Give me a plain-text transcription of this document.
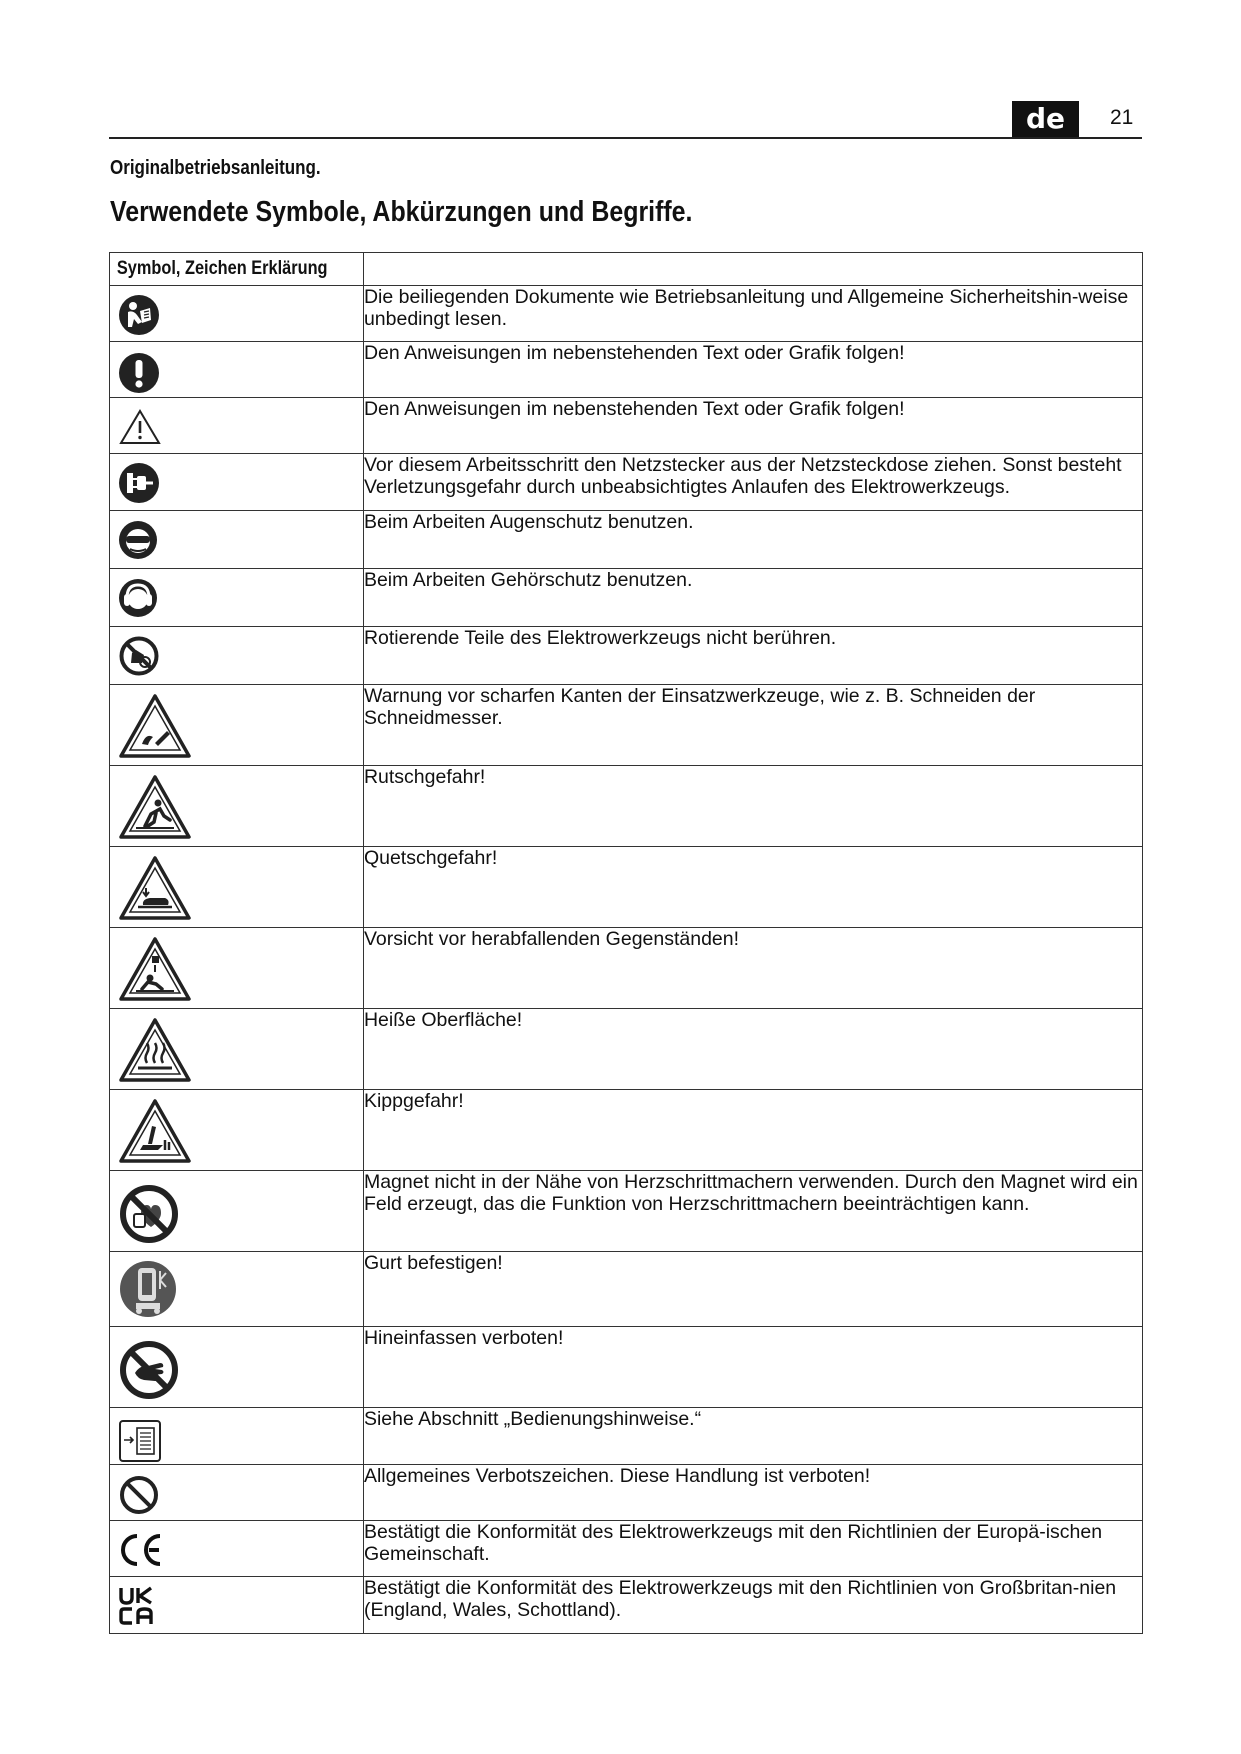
de	21
Originalbetriebsanleitung.
Verwendete Symbole, Abkürzungen und Begriffe.
Symbol, Zeichen Erklärung	

	Die beiliegenden Dokumente wie Betriebsanleitung und Allgemeine Sicherheitshin-weise unbedingt lesen.

	Den Anweisungen im nebenstehenden Text oder Grafik folgen!

	Den Anweisungen im nebenstehenden Text oder Grafik folgen!

	Vor diesem Arbeitsschritt den Netzstecker aus der Netzsteckdose ziehen. Sonst besteht Verletzungsgefahr durch unbeabsichtigtes Anlaufen des Elektrowerkzeugs.

	Beim Arbeiten Augenschutz benutzen.

	Beim Arbeiten Gehörschutz benutzen.

	Rotierende Teile des Elektrowerkzeugs nicht berühren.

	Warnung vor scharfen Kanten der Einsatzwerkzeuge, wie z. B. Schneiden der Schneidmesser.

	Rutschgefahr!

	Quetschgefahr!

	Vorsicht vor herabfallenden Gegenständen!

	Heiße Oberfläche!

	Kippgefahr!

	Magnet nicht in der Nähe von Herzschrittmachern verwenden. Durch den Magnet wird ein Feld erzeugt, das die Funktion von Herzschrittmachern beeinträchtigen kann.

	Gurt befestigen!

	Hineinfassen verboten!

	Siehe Abschnitt „Bedienungshinweise.“

	Allgemeines Verbotszeichen. Diese Handlung ist verboten!

	Bestätigt die Konformität des Elektrowerkzeugs mit den Richtlinien der Europä-ischen Gemeinschaft.

	Bestätigt die Konformität des Elektrowerkzeugs mit den Richtlinien von Großbritan-nien (England, Wales, Schottland).
